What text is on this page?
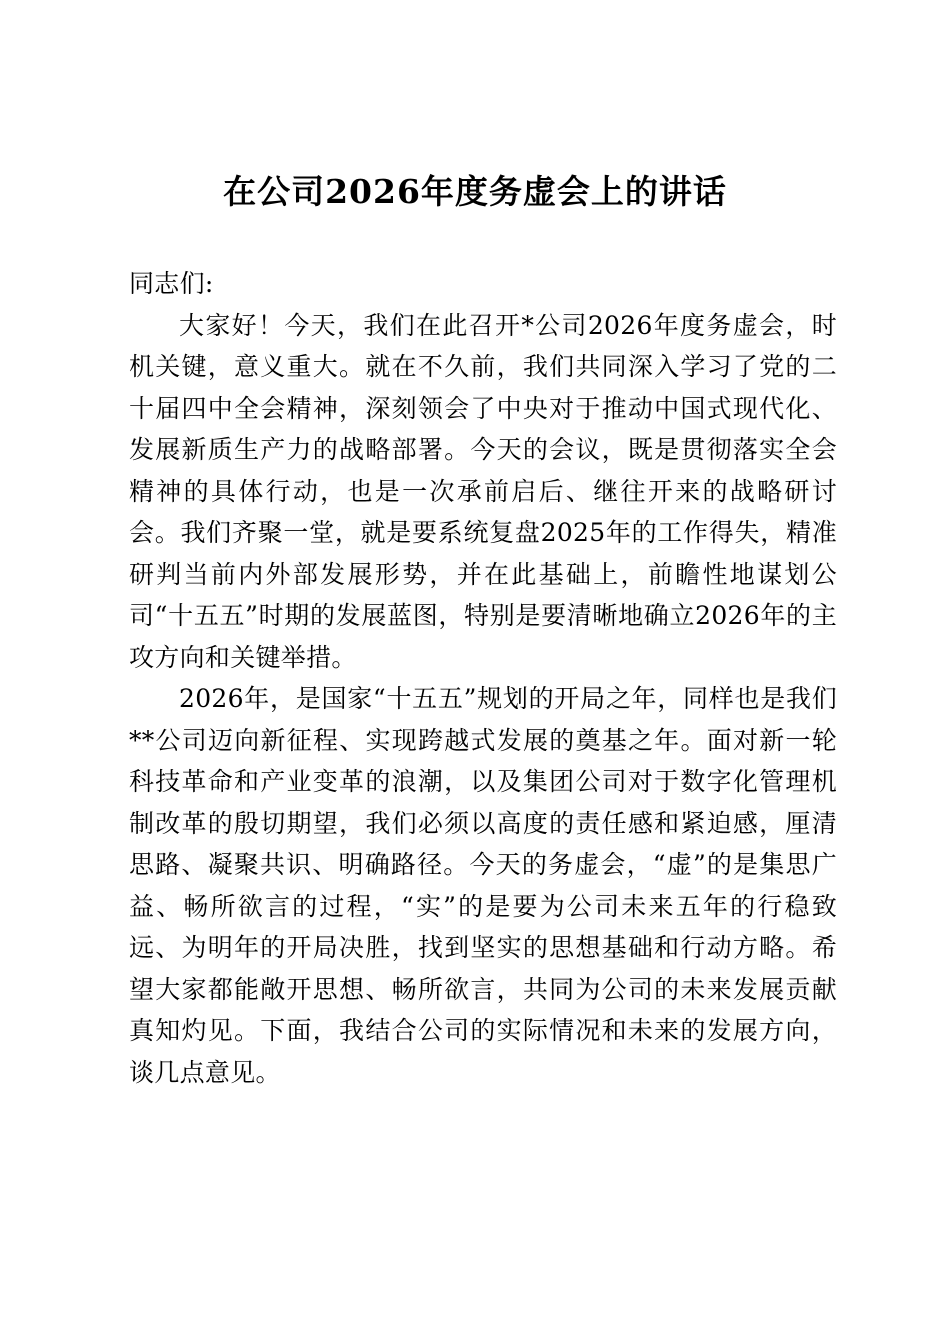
在公司2026年度务虚会上的讲话

同志们:

大家好！今天，我们在此召开*公司2026年度务虚会，时机关键，意义重大。就在不久前，我们共同深入学习了党的二十届四中全会精神，深刻领会了中央对于推动中国式现代化、发展新质生产力的战略部署。今天的会议，既是贯彻落实全会精神的具体行动，也是一次承前启后、继往开来的战略研讨会。我们齐聚一堂，就是要系统复盘2025年的工作得失，精准研判当前内外部发展形势，并在此基础上，前瞻性地谋划公司“十五五”时期的发展蓝图，特别是要清晰地确立2026年的主攻方向和关键举措。

2026年，是国家“十五五”规划的开局之年，同样也是我们**公司迈向新征程、实现跨越式发展的奠基之年。面对新一轮科技革命和产业变革的浪潮，以及集团公司对于数字化管理机制改革的殷切期望，我们必须以高度的责任感和紧迫感，厘清思路、凝聚共识、明确路径。今天的务虚会，“虚”的是集思广益、畅所欲言的过程，“实”的是要为公司未来五年的行稳致远、为明年的开局决胜，找到坚实的思想基础和行动方略。希望大家都能敞开思想、畅所欲言，共同为公司的未来发展贡献真知灼见。下面，我结合公司的实际情况和未来的发展方向，谈几点意见。
